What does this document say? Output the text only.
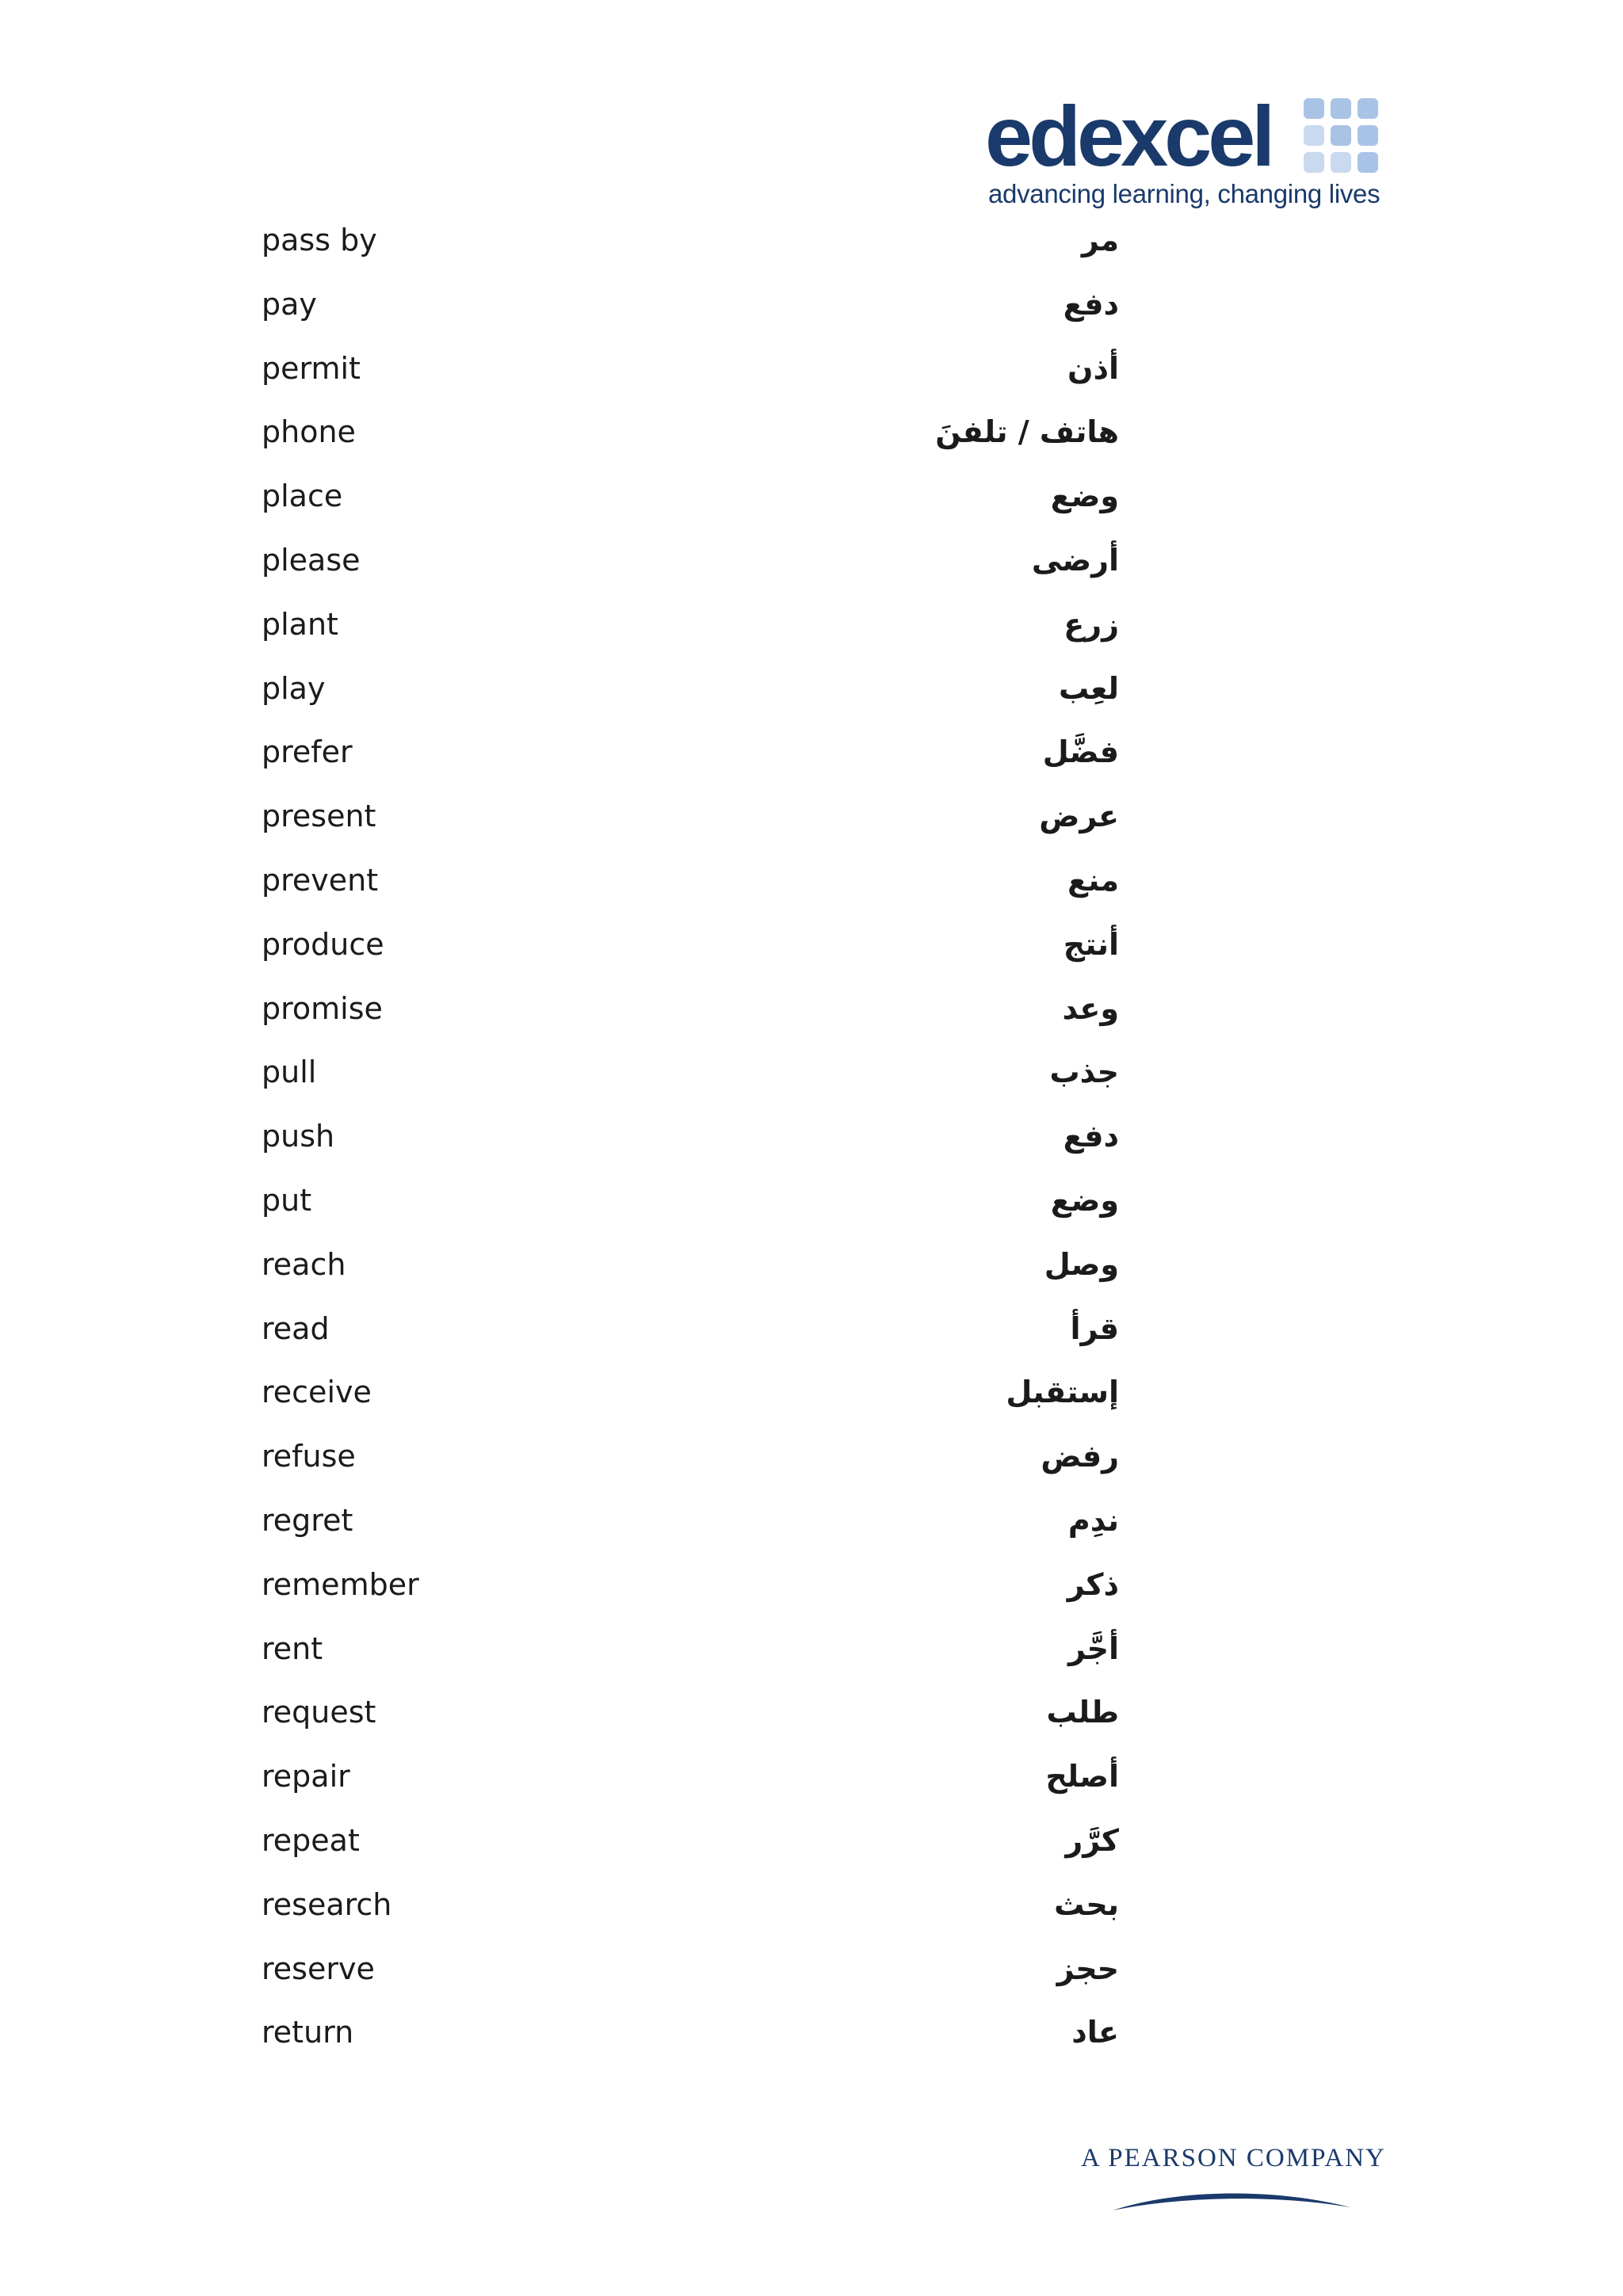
edexcel
advancing learning, changing lives
pass by	مر
pay	دفع
permit	أذن
phone	هاتف / تلفنَ
place	وضع
please	أرضى
plant	زرع
play	لعِب
prefer	فضَّل
present	عرض
prevent	منع
produce	أنتج
promise	وعد
pull	جذب
push	دفع
put	وضع
reach	وصل
read	قرأ
receive	إستقبل
refuse	رفض
regret	ندِم
remember	ذكر
rent	أجَّر
request	طلب
repair	أصلح
repeat	كرَّر
research	بحث
reserve	حجز
return	عاد
A PEARSON COMPANY
